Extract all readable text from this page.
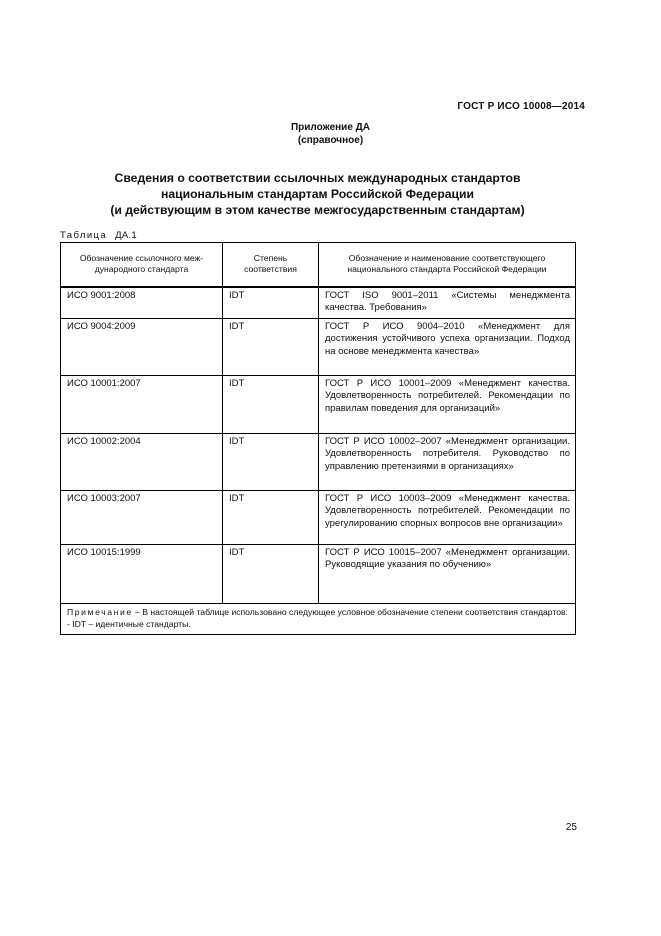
ГОСТ Р ИСО 10008—2014
Приложение ДА
(справочное)
Сведения о соответствии ссылочных международных стандартов
национальным стандартам Российской Федерации
(и действующим в этом качестве межгосударственным стандартам)
Таблица ДА.1
Обозначение ссылочного меж-дународного стандарта	Степень соответствия	Обозначение и наименование соответствующего национального стандарта Российской Федерации
ИСО 9001:2008	IDT	ГОСТ ISO 9001–2011 «Системы менеджмента качества. Требования»
ИСО 9004:2009	IDT	ГОСТ Р ИСО 9004–2010 «Менеджмент для достижения устойчивого успеха организации. Подход на основе менеджмента качества»
ИСО 10001:2007	IDT	ГОСТ Р ИСО 10001–2009 «Менеджмент качества. Удовлетворенность потребителей. Рекомендации по правилам поведения для организаций»
ИСО 10002:2004	IDT	ГОСТ Р ИСО 10002–2007 «Менеджмент организации. Удовлетворенность потребителя. Руководство по управлению претензиями в организациях»
ИСО 10003:2007	IDT	ГОСТ Р ИСО 10003–2009 «Менеджмент качества. Удовлетворенность потребителей. Рекомендации по урегулированию спорных вопросов вне организации»
ИСО 10015:1999	IDT	ГОСТ Р ИСО 10015–2007 «Менеджмент организации. Руководящие указания по обучению»
Примечание – В настоящей таблице использовано следующее условное обозначение степени соответствия стандартов:
- IDT – идентичные стандарты.		
25
